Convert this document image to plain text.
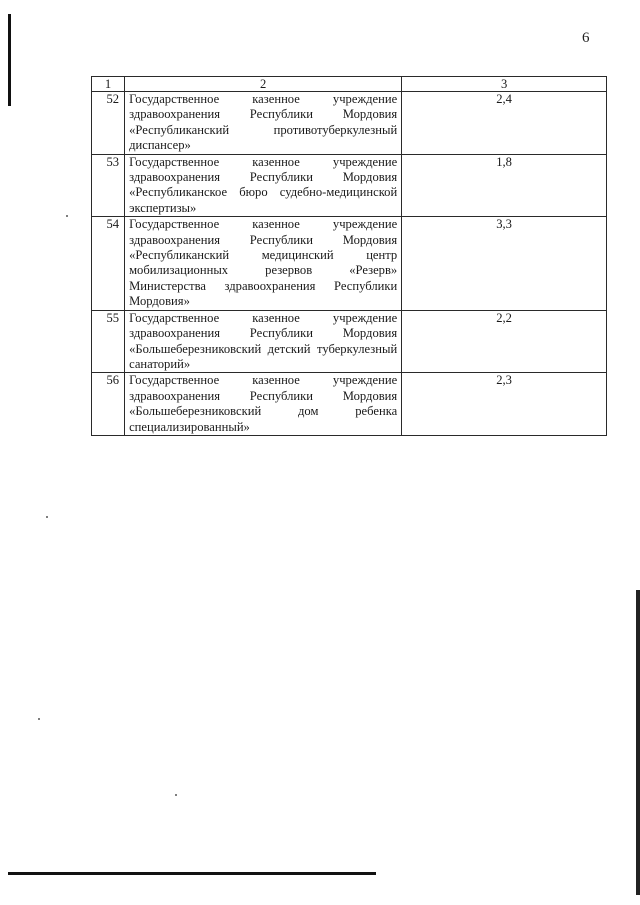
6
1	2	3
52	Государственное казенное учреждение здравоохранения Республики Мордовия «Республиканский противотуберкулезный диспансер»	2,4
53	Государственное казенное учреждение здравоохранения Республики Мордовия «Республиканское бюро судебно-медицинской экспертизы»	1,8
54	Государственное казенное учреждение здравоохранения Республики Мордовия «Республиканский медицинский центр мобилизационных резервов «Резерв» Министерства здравоохранения Республики Мордовия»	3,3
55	Государственное казенное учреждение здравоохранения Республики Мордовия «Большеберезниковский детский туберкулезный санаторий»	2,2
56	Государственное казенное учреждение здравоохранения Республики Мордовия «Большеберезниковский дом ребенка специализированный»	2,3
